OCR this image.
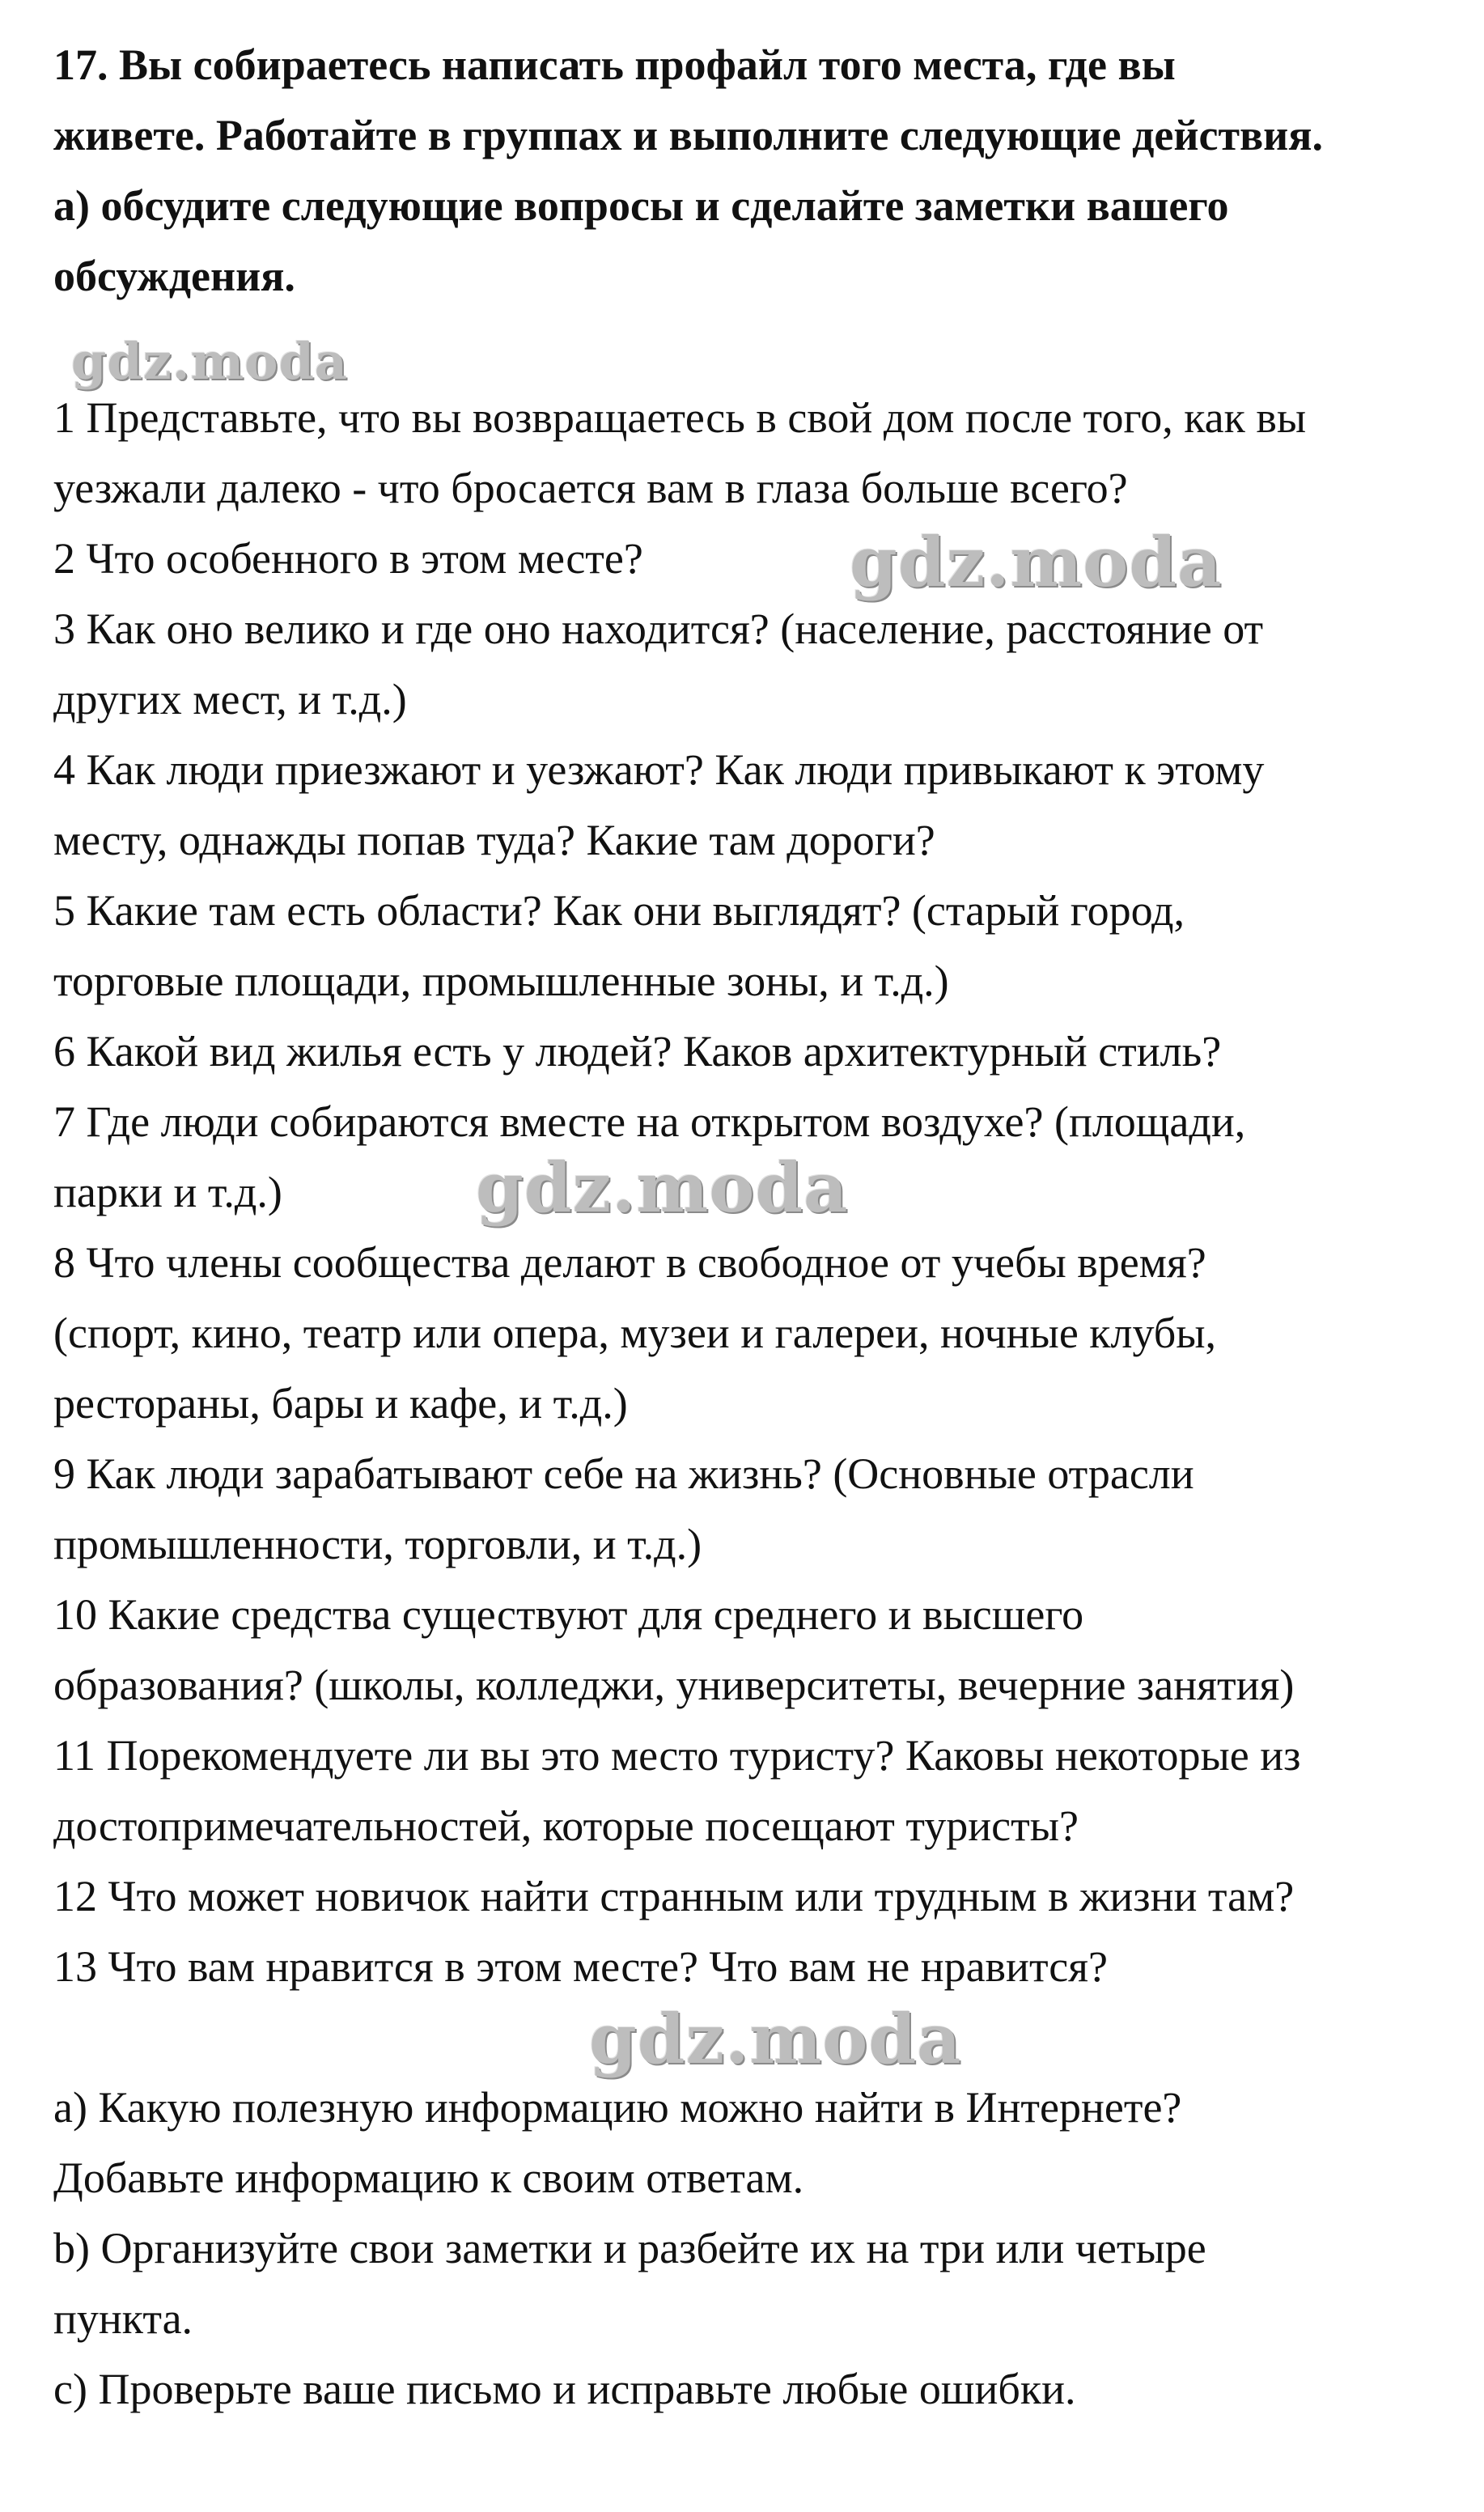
17. Вы собираетесь написать профайл того места, где вы
живете. Работайте в группах и выполните следующие действия.
а) обсудите следующие вопросы и сделайте заметки вашего
обсуждения.
gdz.moda
1 Представьте, что вы возвращаетесь в свой дом после того, как вы
уезжали далеко - что бросается вам в глаза больше всего?
2 Что особенного в этом месте?	gdz.moda
3 Как оно велико и где оно находится? (население, расстояние от
других мест, и т.д.)
4 Как люди приезжают и уезжают? Как люди привыкают к этому
месту, однажды попав туда? Какие там дороги?
5 Какие там есть области? Как они выглядят? (старый город,
торговые площади, промышленные зоны, и т.д.)
6 Какой вид жилья есть у людей? Каков архитектурный стиль?
7 Где люди собираются вместе на открытом воздухе? (площади,
парки и т.д.)	gdz.moda
8 Что члены сообщества делают в свободное от учебы время?
(спорт, кино, театр или опера, музеи и галереи, ночные клубы,
рестораны, бары и кафе, и т.д.)
9 Как люди зарабатывают себе на жизнь? (Основные отрасли
промышленности, торговли, и т.д.)
10 Какие средства существуют для среднего и высшего
образования? (школы, колледжи, университеты, вечерние занятия)
11 Порекомендуете ли вы это место туристу? Каковы некоторые из
достопримечательностей, которые посещают туристы?
12 Что может новичок найти странным или трудным в жизни там?
13 Что вам нравится в этом месте? Что вам не нравится?
gdz.moda
а) Какую полезную информацию можно найти в Интернете?
Добавьте информацию к своим ответам.
b) Организуйте свои заметки и разбейте их на три или четыре
пункта.
с) Проверьте ваше письмо и исправьте любые ошибки.
